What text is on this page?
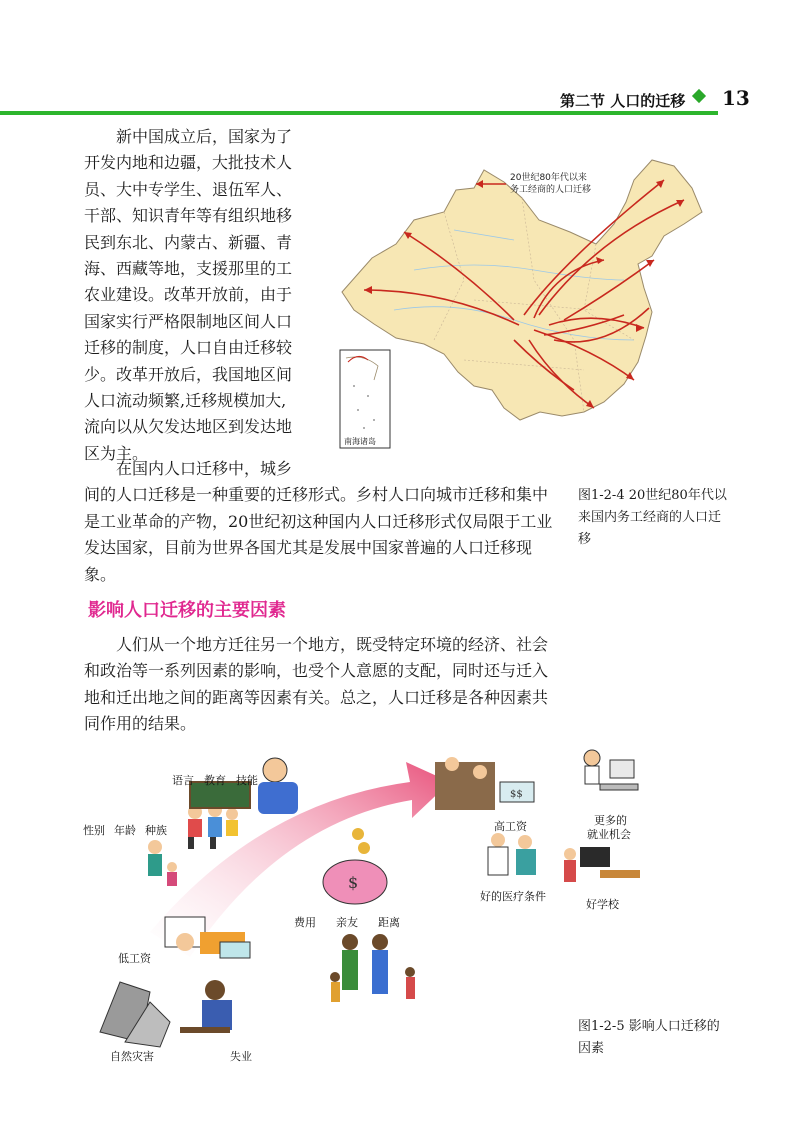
第二节 人口的迁移 13

新中国成立后，国家为了

开发内地和边疆，大批技术人

员、大中专学生、退伍军人、

干部、知识青年等有组织地移

民到东北、内蒙古、新疆、青

海、西藏等地，支援那里的工

农业建设。改革开放前，由于

国家实行严格限制地区间人口

迁移的制度，人口自由迁移较

少。改革开放后，我国地区间

人口流动频繁,迁移规模加大,

流向以从欠发达地区到发达地

区为主。

20世纪80年代以来
务工经商的人口迁移
南海诸岛
在国内人口迁移中，城乡
间的人口迁移是一种重要的迁移形式。乡村人口向城市迁移和集中是工业革命的产物，20世纪初这种国内人口迁移形式仅局限于工业发达国家，目前为世界各国尤其是发展中国家普遍的人口迁移现象。
图1-2-4 20世纪80年代以来国内务工经商的人口迁移
影响人口迁移的主要因素
人们从一个地方迁往另一个地方，既受特定环境的经济、社会和政治等一系列因素的影响，也受个人意愿的支配，同时还与迁入地和迁出地之间的距离等因素有关。总之，人口迁移是各种因素共同作用的结果。
$
$$
语言 教育 技能
性别 年龄 种族
低工资
自然灾害	失业
费用 亲友 距离
高工资	更多的
就业机会
好的医疗条件
好学校
图1-2-5 影响人口迁移的因素
